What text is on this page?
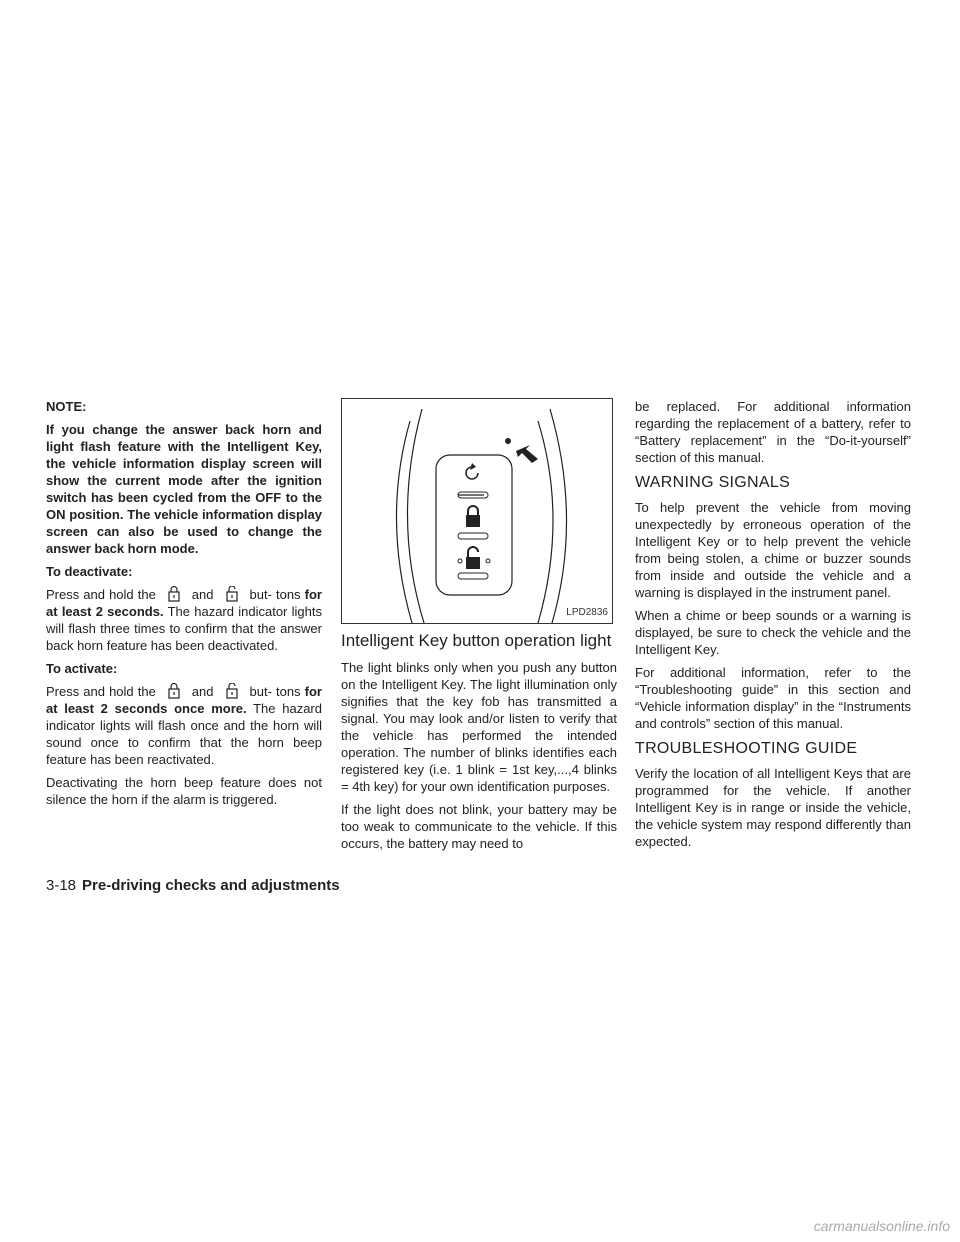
NOTE:

If you change the answer back horn and light flash feature with the Intelligent Key, the vehicle information display screen will show the current mode after the ignition switch has been cycled from the OFF to the ON position. The vehicle information display screen can also be used to change the answer back horn mode.

To deactivate:

Press and hold the	and	but- tons for at least 2 seconds. The hazard indicator lights will flash three times to confirm that the answer back horn feature has been deactivated.

To activate:

Press and hold the	and	but- tons for at least 2 seconds once more. The hazard indicator lights will flash once and the horn will sound once to confirm that the horn beep feature has been reactivated.

Deactivating the horn beep feature does not silence the horn if the alarm is triggered.

LPD2836
Intelligent Key button operation light

The light blinks only when you push any button on the Intelligent Key. The light illumination only signifies that the key fob has transmitted a signal. You may look and/or listen to verify that the vehicle has performed the intended operation. The number of blinks identifies each registered key (i.e. 1 blink = 1st key,...,4 blinks = 4th key) for your own identification purposes.

If the light does not blink, your battery may be too weak to communicate to the vehicle. If this occurs, the battery may need to

be replaced. For additional information regarding the replacement of a battery, refer to “Battery replacement” in the “Do-it-yourself” section of this manual.

WARNING SIGNALS

To help prevent the vehicle from moving unexpectedly by erroneous operation of the Intelligent Key or to help prevent the vehicle from being stolen, a chime or buzzer sounds from inside and outside the vehicle and a warning is displayed in the instrument panel.

When a chime or beep sounds or a warning is displayed, be sure to check the vehicle and the Intelligent Key.

For additional information, refer to the “Troubleshooting guide” in this section and “Vehicle information display” in the “Instruments and controls” section of this manual.

TROUBLESHOOTING GUIDE

Verify the location of all Intelligent Keys that are programmed for the vehicle. If another Intelligent Key is in range or inside the vehicle, the vehicle system may respond differently than expected.

3-18 Pre-driving checks and adjustments
carmanualsonline.info
